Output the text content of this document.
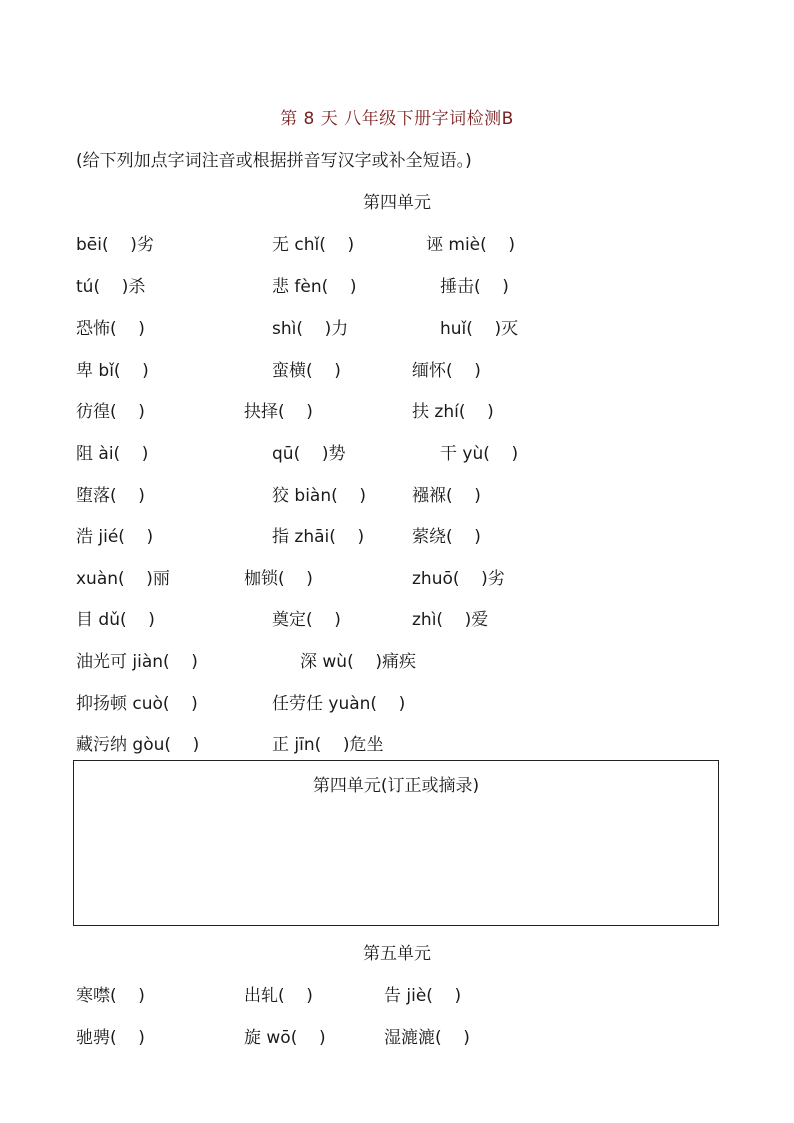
第 8 天 八年级下册字词检测B
(给下列加点字词注音或根据拼音写汉字或补全短语。)
第四单元
bēi(    )劣	无 chǐ(    )	诬 miè(    )
tú(    )杀	悲 fèn(    )	捶击(    )
恐怖(    )	shì(    )力	huǐ(    )灭
卑 bǐ(    )	蛮横(    )	缅怀(    )
彷徨(    )	抉择(    )	扶 zhí(    )
阻 ài(    )	qū(    )势	干 yù(    )
堕落(    )	狡 biàn(    )	襁褓(    )
浩 jié(    )	指 zhāi(    )	萦绕(    )
xuàn(    )丽	枷锁(    )	zhuō(    )劣
目 dǔ(    )	奠定(    )	zhì(    )爱
油光可 jiàn(    )	深 wù(    )痛疾
抑扬顿 cuò(    )	任劳任 yuàn(    )
藏污纳 gòu(    )	正 jīn(    )危坐
第四单元(订正或摘录)
第五单元
寒噤(    )	出轧(    )	告 jiè(    )
驰骋(    )	旋 wō(    )	湿漉漉(    )
